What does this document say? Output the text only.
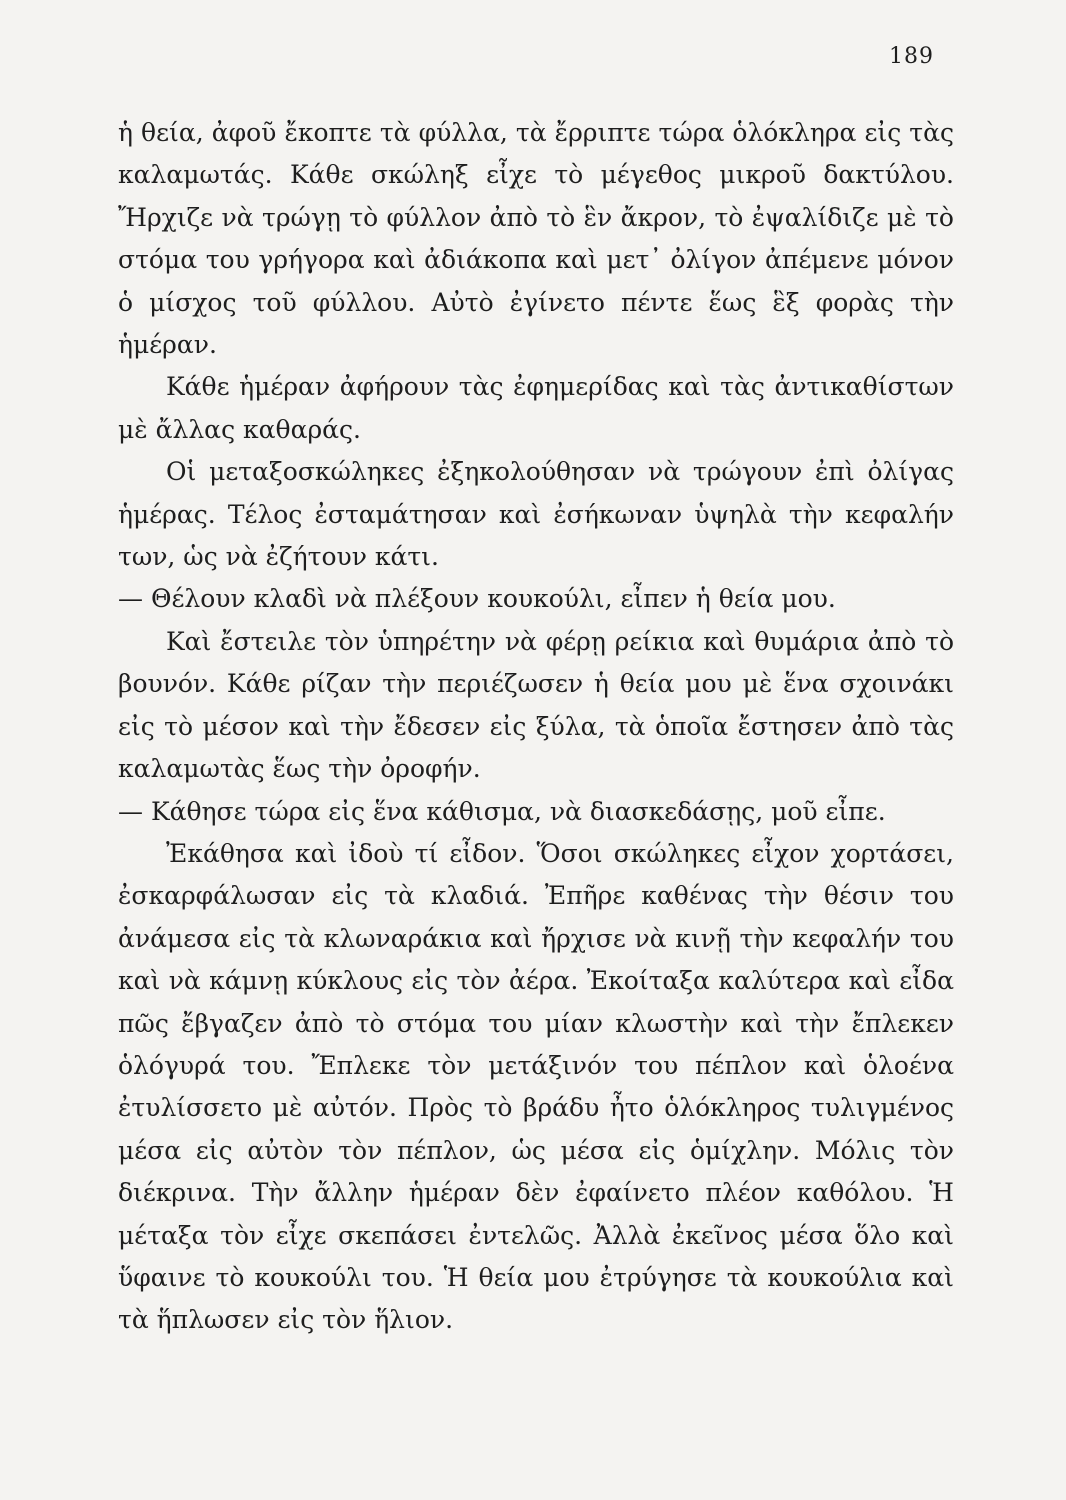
189

ἡ θεία, ἀφοῦ ἔκοπτε τὰ φύλλα, τὰ ἔρριπτε τώρα ὁλόκληρα εἰς τὰς καλαμωτάς. Κάθε σκώληξ εἶχε τὸ μέγεθος μικροῦ δακτύλου. Ἤρχιζε νὰ τρώγῃ τὸ φύλλον ἀπὸ τὸ ἓν ἄκρον, τὸ ἐψαλίδιζε μὲ τὸ στόμα του γρήγορα καὶ ἀδιάκοπα καὶ μετ᾽ ὀλίγον ἀπέμενε μόνον ὁ μίσχος τοῦ φύλλου. Αὐτὸ ἐγίνετο πέντε ἕως ἓξ φορὰς τὴν ἡμέραν.

Κάθε ἡμέραν ἀφήρουν τὰς ἐφημερίδας καὶ τὰς ἀντικαθίστων μὲ ἄλλας καθαράς.

Οἱ μεταξοσκώληκες ἐξηκολούθησαν νὰ τρώγουν ἐπὶ ὀλίγας ἡμέρας. Τέλος ἐσταμάτησαν καὶ ἐσήκωναν ὑψηλὰ τὴν κεφαλήν των, ὡς νὰ ἐζήτουν κάτι.

— Θέλουν κλαδὶ νὰ πλέξουν κουκούλι, εἶπεν ἡ θεία μου.

Καὶ ἔστειλε τὸν ὑπηρέτην νὰ φέρῃ ρείκια καὶ θυμάρια ἀπὸ τὸ βουνόν. Κάθε ρίζαν τὴν περιέζωσεν ἡ θεία μου μὲ ἕνα σχοινάκι εἰς τὸ μέσον καὶ τὴν ἔδεσεν εἰς ξύλα, τὰ ὁποῖα ἔστησεν ἀπὸ τὰς καλαμωτὰς ἕως τὴν ὀροφήν.

— Κάθησε τώρα εἰς ἕνα κάθισμα, νὰ διασκεδάσῃς, μοῦ εἶπε.

Ἐκάθησα καὶ ἰδοὺ τί εἶδον. Ὅσοι σκώληκες εἶχον χορτάσει, ἐσκαρφάλωσαν εἰς τὰ κλαδιά. Ἐπῆρε καθένας τὴν θέσιν του ἀνάμεσα εἰς τὰ κλωναράκια καὶ ἤρχισε νὰ κινῇ τὴν κεφαλήν του καὶ νὰ κάμνῃ κύκλους εἰς τὸν ἀέρα. Ἐκοίταξα καλύτερα καὶ εἶδα πῶς ἔβγαζεν ἀπὸ τὸ στόμα του μίαν κλωστὴν καὶ τὴν ἔπλεκεν ὁλόγυρά του. Ἔπλεκε τὸν μετάξινόν του πέπλον καὶ ὁλοένα ἐτυλίσσετο μὲ αὐτόν. Πρὸς τὸ βράδυ ἦτο ὁλόκληρος τυλιγμένος μέσα εἰς αὐτὸν τὸν πέπλον, ὡς μέσα εἰς ὁμίχλην. Μόλις τὸν διέκρινα. Τὴν ἄλλην ἡμέραν δὲν ἐφαίνετο πλέον καθόλου. Ἡ μέταξα τὸν εἶχε σκεπάσει ἐντελῶς. Ἀλλὰ ἐκεῖνος μέσα ὅλο καὶ ὕφαινε τὸ κουκούλι του. Ἡ θεία μου ἐτρύγησε τὰ κουκούλια καὶ τὰ ἥπλωσεν εἰς τὸν ἥλιον.
